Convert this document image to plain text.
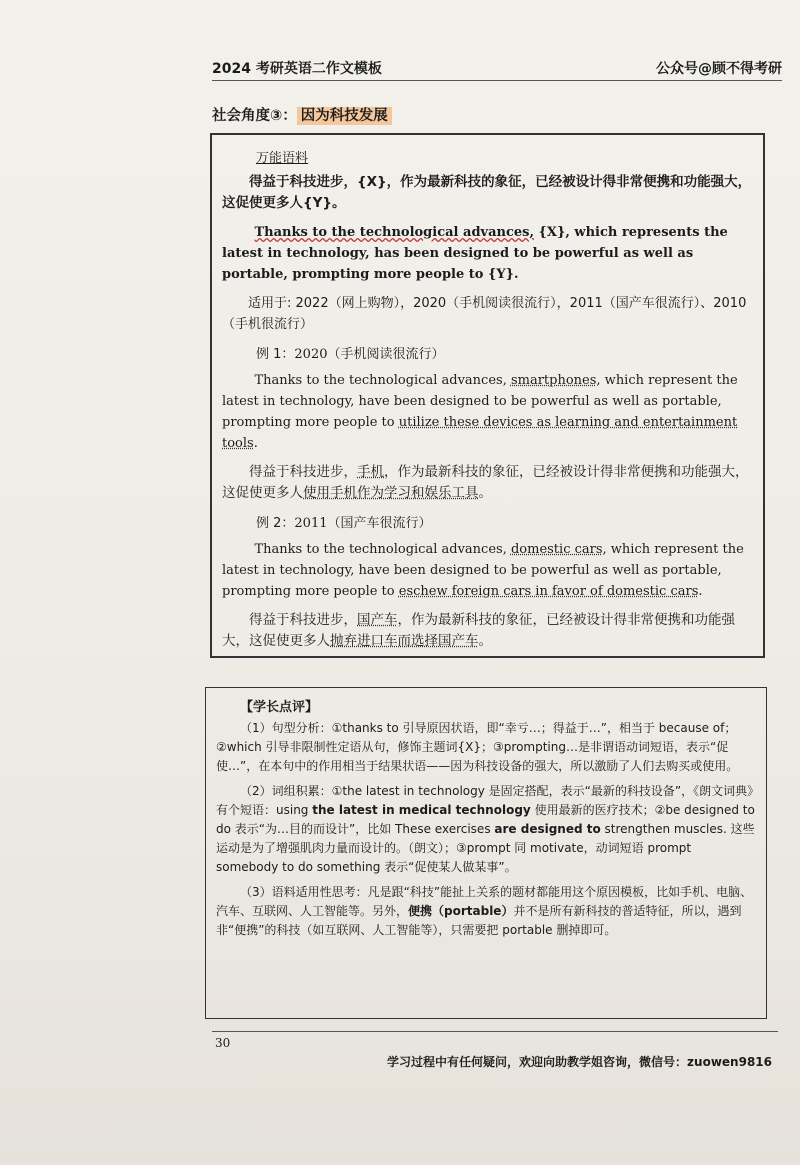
2024 考研英语二作文模板	公众号@顾不得考研
社会角度③： 因为科技发展
万能语料

得益于科技进步，{X}，作为最新科技的象征，已经被设计得非常便携和功能强大，这促使更多人{Y}。

Thanks to the technological advances, {X}, which represents the latest in technology, has been designed to be powerful as well as portable, prompting more people to {Y}.

适用于: 2022（网上购物），2020（手机阅读很流行），2011（国产车很流行）、2010（手机很流行）

例 1：2020（手机阅读很流行）

Thanks to the technological advances, smartphones, which represent the latest in technology, have been designed to be powerful as well as portable, prompting more people to utilize these devices as learning and entertainment tools.

得益于科技进步，手机，作为最新科技的象征，已经被设计得非常便携和功能强大，这促使更多人使用手机作为学习和娱乐工具。

例 2：2011（国产车很流行）

Thanks to the technological advances, domestic cars, which represent the latest in technology, have been designed to be powerful as well as portable, prompting more people to eschew foreign cars in favor of domestic cars.

得益于科技进步，国产车，作为最新科技的象征，已经被设计得非常便携和功能强大，这促使更多人抛弃进口车而选择国产车。

【学长点评】

（1）句型分析：①thanks to 引导原因状语，即“幸亏…；得益于…”，相当于 because of；②which 引导非限制性定语从句，修饰主题词{X}；③prompting…是非谓语动词短语，表示“促使…”，在本句中的作用相当于结果状语——因为科技设备的强大，所以激励了人们去购买或使用。

（2）词组积累：①the latest in technology 是固定搭配，表示“最新的科技设备”，《朗文词典》有个短语：using the latest in medical technology 使用最新的医疗技术；②be designed to do 表示“为…目的而设计”，比如 These exercises are designed to strengthen muscles. 这些运动是为了增强肌肉力量而设计的。（朗文）；③prompt 同 motivate，动词短语 prompt somebody to do something 表示“促使某人做某事”。

（3）语料适用性思考：凡是跟“科技”能扯上关系的题材都能用这个原因模板，比如手机、电脑、汽车、互联网、人工智能等。另外，便携（portable）并不是所有新科技的普适特征，所以，遇到非“便携”的科技（如互联网、人工智能等），只需要把 portable 删掉即可。

30
学习过程中有任何疑问，欢迎向助教学姐咨询，微信号：zuowen9816
